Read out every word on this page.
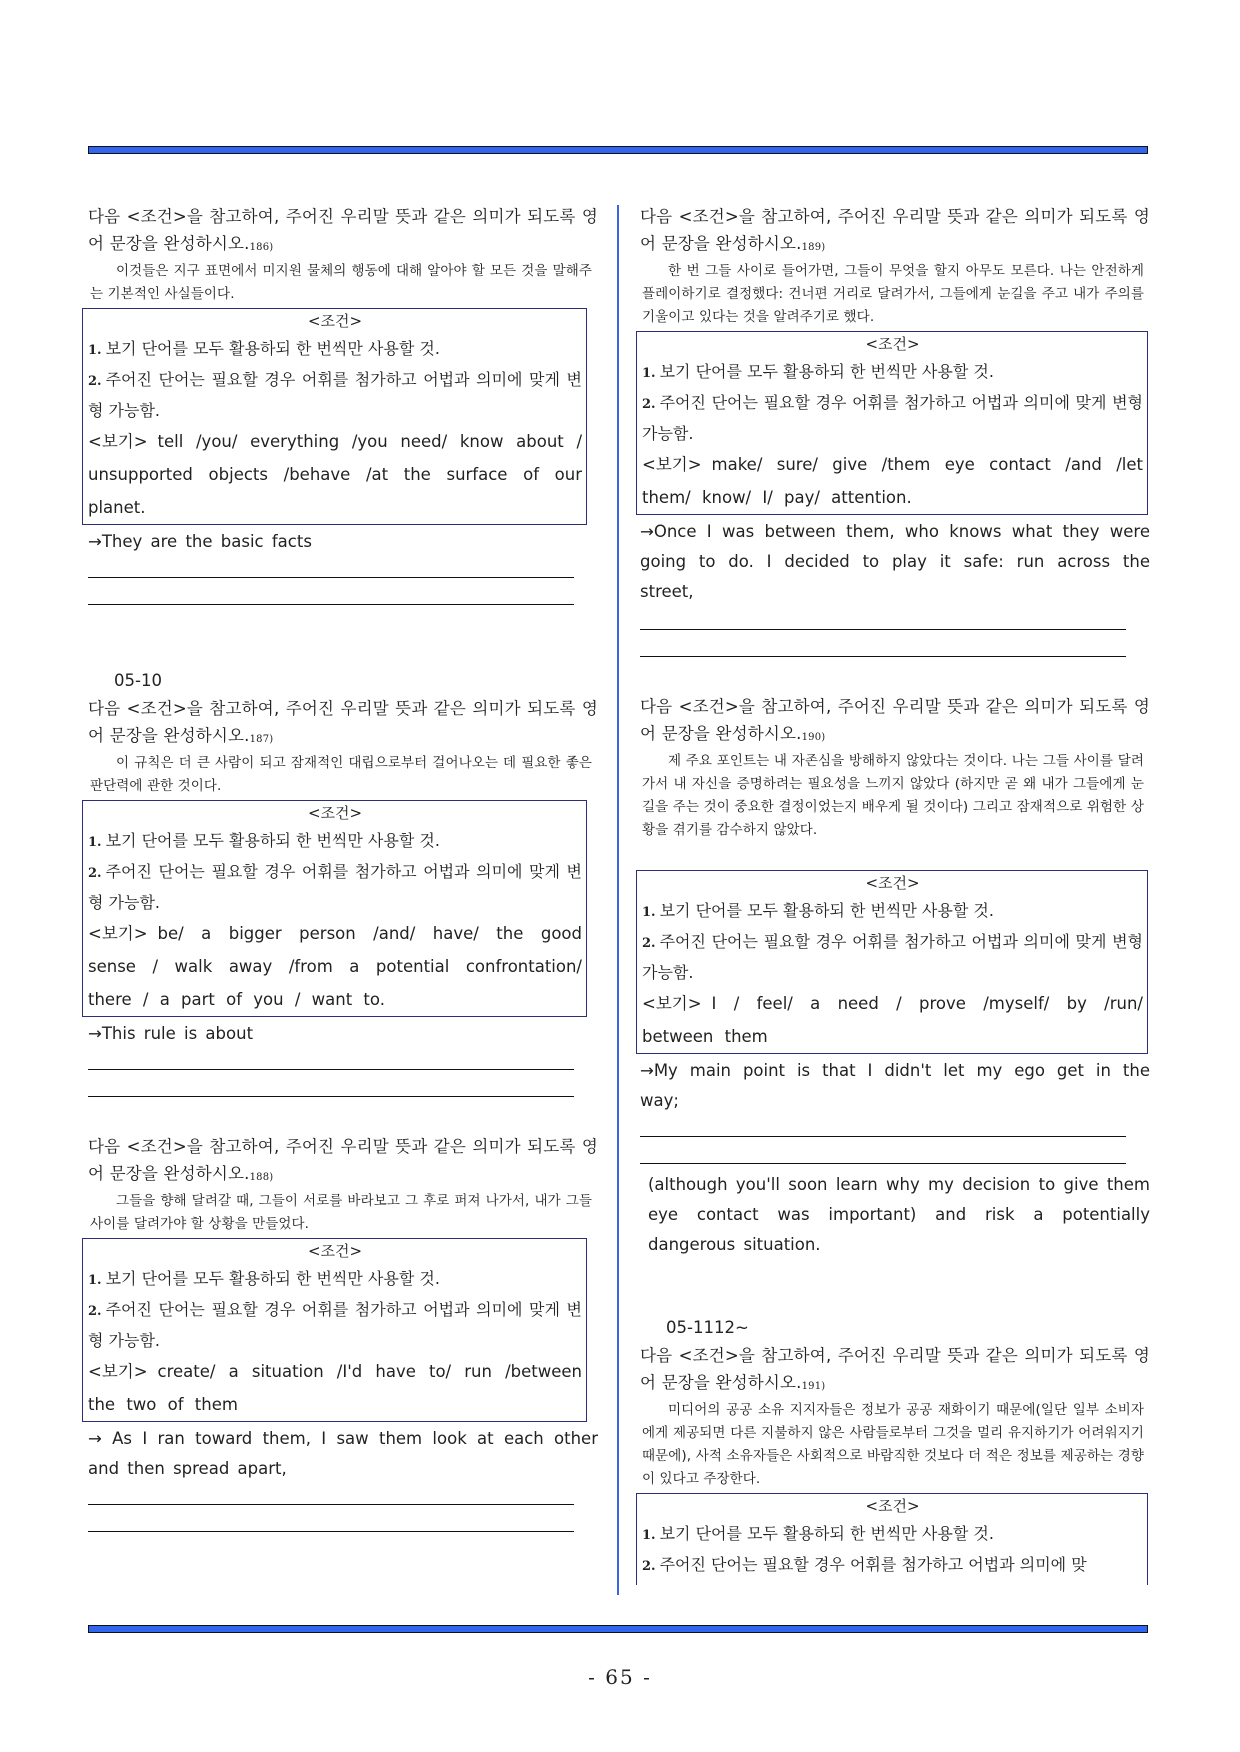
다음 <조건>을 참고하여, 주어진 우리말 뜻과 같은 의미가 되도록 영어 문장을 완성하시오.$^{186)}$
이것들은 지구 표면에서 미지원 물체의 행동에 대해 알아야 할 모든 것을 말해주는 기본적인 사실들이다.
<조건>
1. 보기 단어를 모두 활용하되 한 번씩만 사용할 것.
2. 주어진 단어는 필요할 경우 어휘를 첨가하고 어법과 의미에 맞게 변형 가능함.
<보기> tell /you/ everything /you need/ know about / unsupported objects /behave /at the surface of our planet.
→They are the basic facts
05-10
다음 <조건>을 참고하여, 주어진 우리말 뜻과 같은 의미가 되도록 영어 문장을 완성하시오.$^{187)}$
이 규칙은 더 큰 사람이 되고 잠재적인 대립으로부터 걸어나오는 데 필요한 좋은 판단력에 관한 것이다.
<조건>
1. 보기 단어를 모두 활용하되 한 번씩만 사용할 것.
2. 주어진 단어는 필요할 경우 어휘를 첨가하고 어법과 의미에 맞게 변형 가능함.
<보기> be/ a bigger person /and/ have/ the good sense / walk away /from a potential confrontation/ there / a part of you / want to.
→This rule is about
다음 <조건>을 참고하여, 주어진 우리말 뜻과 같은 의미가 되도록 영어 문장을 완성하시오.$^{188)}$
그들을 향해 달려갈 때, 그들이 서로를 바라보고 그 후로 퍼져 나가서, 내가 그들 사이를 달려가야 할 상황을 만들었다.
<조건>
1. 보기 단어를 모두 활용하되 한 번씩만 사용할 것.
2. 주어진 단어는 필요할 경우 어휘를 첨가하고 어법과 의미에 맞게 변형 가능함.
<보기> create/ a situation /I'd have to/ run /between the two of them
→ As I ran toward them, I saw them look at each other and then spread apart,
다음 <조건>을 참고하여, 주어진 우리말 뜻과 같은 의미가 되도록 영어 문장을 완성하시오.$^{189)}$
한 번 그들 사이로 들어가면, 그들이 무엇을 할지 아무도 모른다. 나는 안전하게 플레이하기로 결정했다: 건너편 거리로 달려가서, 그들에게 눈길을 주고 내가 주의를 기울이고 있다는 것을 알려주기로 했다.
<조건>
1. 보기 단어를 모두 활용하되 한 번씩만 사용할 것.
2. 주어진 단어는 필요할 경우 어휘를 첨가하고 어법과 의미에 맞게 변형 가능함.
<보기> make/ sure/ give /them eye contact /and /let them/ know/ I/ pay/ attention.
→Once I was between them, who knows what they were going to do. I decided to play it safe: run across the street,
다음 <조건>을 참고하여, 주어진 우리말 뜻과 같은 의미가 되도록 영어 문장을 완성하시오.$^{190)}$
제 주요 포인트는 내 자존심을 방해하지 않았다는 것이다. 나는 그들 사이를 달려가서 내 자신을 증명하려는 필요성을 느끼지 않았다 (하지만 곧 왜 내가 그들에게 눈길을 주는 것이 중요한 결정이었는지 배우게 될 것이다) 그리고 잠재적으로 위험한 상황을 겪기를 감수하지 않았다.
<조건>
1. 보기 단어를 모두 활용하되 한 번씩만 사용할 것.
2. 주어진 단어는 필요할 경우 어휘를 첨가하고 어법과 의미에 맞게 변형 가능함.
<보기> I / feel/ a need / prove /myself/ by /run/ between them
→My main point is that I didn't let my ego get in the way;
(although you'll soon learn why my decision to give them eye contact was important) and risk a potentially dangerous situation.
05-1112~
다음 <조건>을 참고하여, 주어진 우리말 뜻과 같은 의미가 되도록 영어 문장을 완성하시오.$^{191)}$
미디어의 공공 소유 지지자들은 정보가 공공 재화이기 때문에(일단 일부 소비자에게 제공되면 다른 지불하지 않은 사람들로부터 그것을 멀리 유지하기가 어려워지기 때문에), 사적 소유자들은 사회적으로 바람직한 것보다 더 적은 정보를 제공하는 경향이 있다고 주장한다.
<조건>
1. 보기 단어를 모두 활용하되 한 번씩만 사용할 것.
2. 주어진 단어는 필요할 경우 어휘를 첨가하고 어법과 의미에 맞
- 65 -
